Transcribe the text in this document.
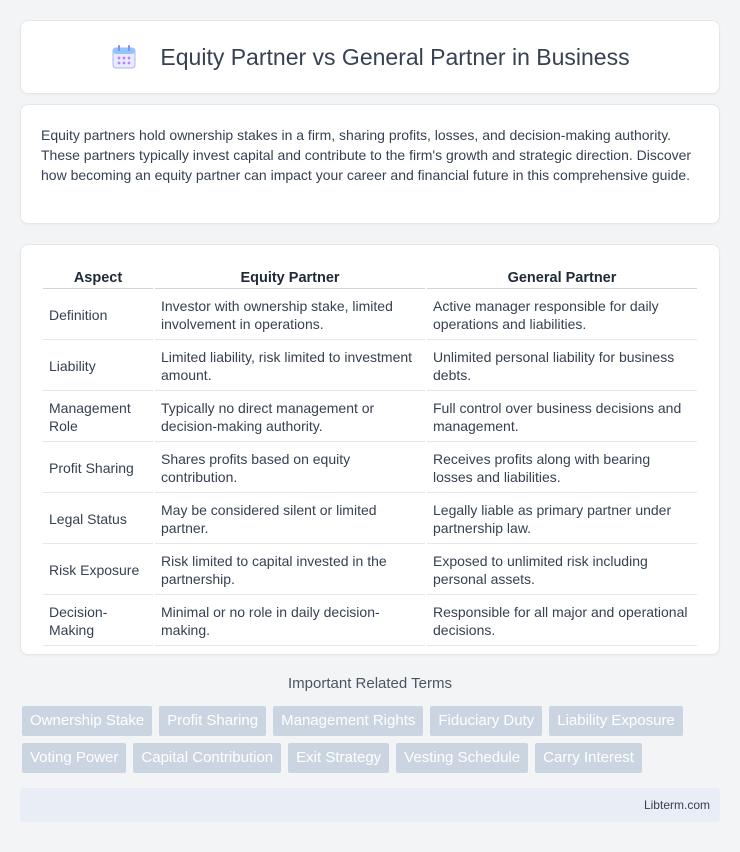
Equity Partner vs General Partner in Business

Equity partners hold ownership stakes in a firm, sharing profits, losses, and decision-making authority. These partners typically invest capital and contribute to the firm's growth and strategic direction. Discover how becoming an equity partner can impact your career and financial future in this comprehensive guide.

Aspect	Equity Partner	General Partner
Definition	Investor with ownership stake, limited involvement in operations.	Active manager responsible for daily operations and liabilities.
Liability	Limited liability, risk limited to investment amount.	Unlimited personal liability for business debts.
Management Role	Typically no direct management or decision-making authority.	Full control over business decisions and management.
Profit Sharing	Shares profits based on equity contribution.	Receives profits along with bearing losses and liabilities.
Legal Status	May be considered silent or limited partner.	Legally liable as primary partner under partnership law.
Risk Exposure	Risk limited to capital invested in the partnership.	Exposed to unlimited risk including personal assets.
Decision-Making	Minimal or no role in daily decision-making.	Responsible for all major and operational decisions.
Important Related Terms
Ownership Stake	Profit Sharing	Management Rights	Fiduciary Duty	Liability Exposure
Voting Power	Capital Contribution	Exit Strategy	Vesting Schedule	Carry Interest
Libterm.com
